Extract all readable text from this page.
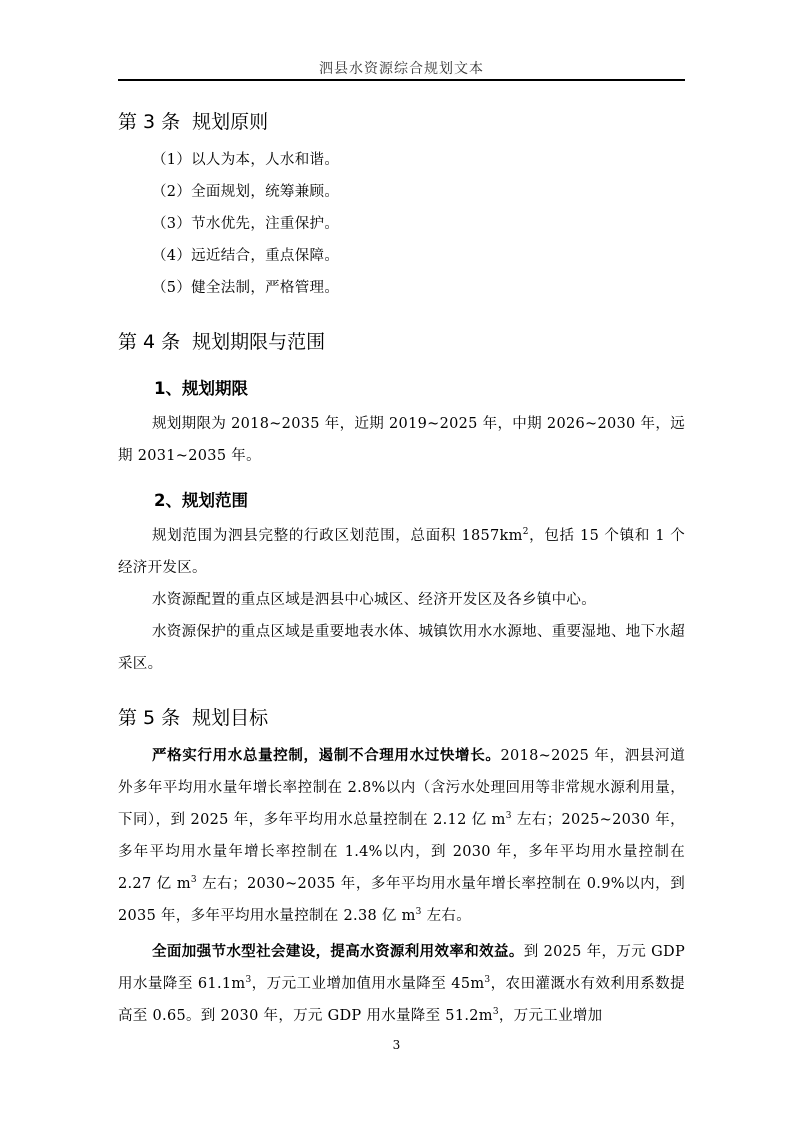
泗县水资源综合规划文本
第 3 条 规划原则

（1）以人为本，人水和谐。

（2）全面规划，统筹兼顾。

（3）节水优先，注重保护。

（4）远近结合，重点保障。

（5）健全法制，严格管理。

第 4 条 规划期限与范围
1、规划期限

规划期限为 2018~2035 年，近期 2019~2025 年，中期 2026~2030 年，远期 2031~2035 年。

2、规划范围

规划范围为泗县完整的行政区划范围，总面积 $1857km^2$，包括 15 个镇和 1 个经济开发区。

水资源配置的重点区域是泗县中心城区、经济开发区及各乡镇中心。

水资源保护的重点区域是重要地表水体、城镇饮用水水源地、重要湿地、地下水超采区。

第 5 条 规划目标

严格实行用水总量控制，遏制不合理用水过快增长。2018~2025 年，泗县河道外多年平均用水量年增长率控制在 2.8%以内（含污水处理回用等非常规水源利用量，下同），到 2025 年，多年平均用水总量控制在 2.12 亿 $m^3$ 左右；2025~2030 年，多年平均用水量年增长率控制在 1.4%以内，到 2030 年，多年平均用水量控制在 2.27 亿 $m^3$ 左右；2030~2035 年，多年平均用水量年增长率控制在 0.9%以内，到 2035 年，多年平均用水量控制在 2.38 亿 $m^3$ 左右。

全面加强节水型社会建设，提高水资源利用效率和效益。到 2025 年，万元 GDP 用水量降至 $61.1m^3$，万元工业增加值用水量降至 $45m^3$，农田灌溉水有效利用系数提高至 0.65。到 2030 年，万元 GDP 用水量降至 $51.2m^3$，万元工业增加

3
